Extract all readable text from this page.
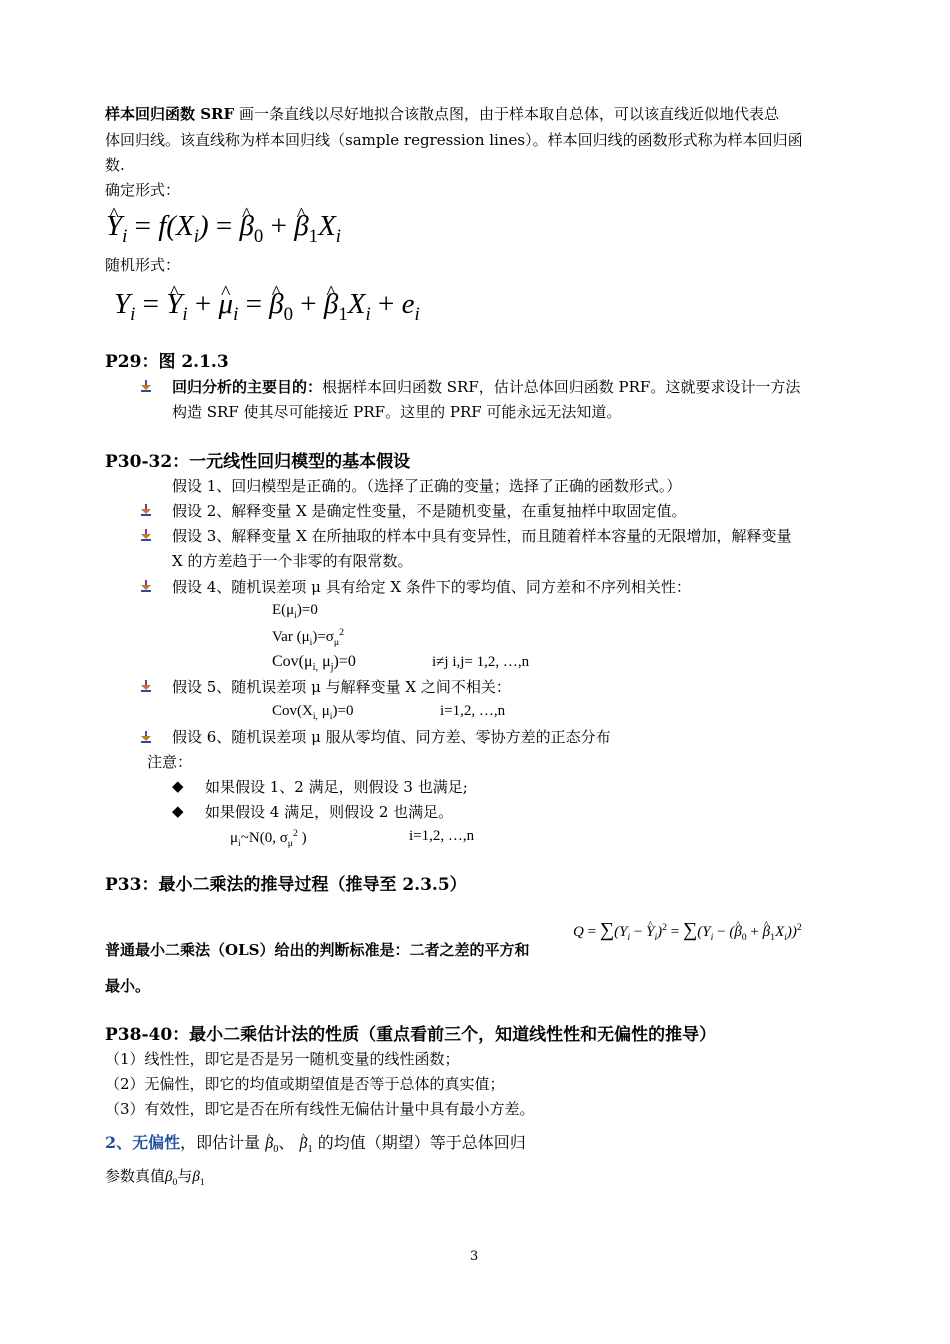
样本回归函数 SRF 画一条直线以尽好地拟合该散点图，由于样本取自总体，可以该直线近似地代表总
体回归线。该直线称为样本回归线（sample regression lines）。样本回归线的函数形式称为样本回归函
数.
确定形式：
^ $Y_i = f(X_i)$ = ^ $\beta_0$ + ^ $\beta_1X_i$
随机形式：
$Y_i$ = ^ $Y_i$ + ^ $\mu_i$ = ^ $\beta_0$ + ^ $\beta_1X_i + e_i$
P29：图 2.1.3
回归分析的主要目的：根据样本回归函数 SRF，估计总体回归函数 PRF。这就要求设计一方法
构造 SRF 使其尽可能接近 PRF。这里的 PRF 可能永远无法知道。
P30-32：一元线性回归模型的基本假设
假设 1、回归模型是正确的。（选择了正确的变量；选择了正确的函数形式。）
假设 2、解释变量 X 是确定性变量，不是随机变量，在重复抽样中取固定值。
假设 3、解释变量 X 在所抽取的样本中具有变异性，而且随着样本容量的无限增加，解释变量
X 的方差趋于一个非零的有限常数。
假设 4、随机误差项 μ 具有给定 X 条件下的零均值、同方差和不序列相关性：
$E(\mu_i)=0$
Var $(\mu_i)=\sigma_\mu^2$
$Cov(\mu_{i,}$ $\mu_j)=0$	i≠j i,j= 1,2, …,n
假设 5、随机误差项 μ 与解释变量 X 之间不相关：
$Cov(X_{i,}$ $\mu_i)=0$	i=1,2, …,n
假设 6、随机误差项 μ 服从零均值、同方差、零协方差的正态分布
注意：
◆ 如果假设 1、2 满足，则假设 3 也满足;
◆ 如果假设 4 满足，则假设 2 也满足。
$\mu_i\sim N(0$, $\sigma_\mu^2$ )	i=1,2, …,n
P33：最小二乘法的推导过程（推导至 2.3.5）
$Q = \sum(Y_i$ − ^ $Y_i)^2 = \sum(Y_i$ − (^ $\beta_0$ + ^ $\beta_1X_i))^2$
普通最小二乘法（OLS）给出的判断标准是：二者之差的平方和
最小。
P38-40：最小二乘估计法的性质（重点看前三个，知道线性性和无偏性的推导）
（1）线性性，即它是否是另一随机变量的线性函数；
（2）无偏性，即它的均值或期望值是否等于总体的真实值；
（3）有效性，即它是否在所有线性无偏估计量中具有最小方差。
2、无偏性，即估计量 ^ $\beta_0$、 ^ $\beta_1$ 的均值（期望）等于总体回归
参数真值$\beta_0$与$\beta_1$
3
